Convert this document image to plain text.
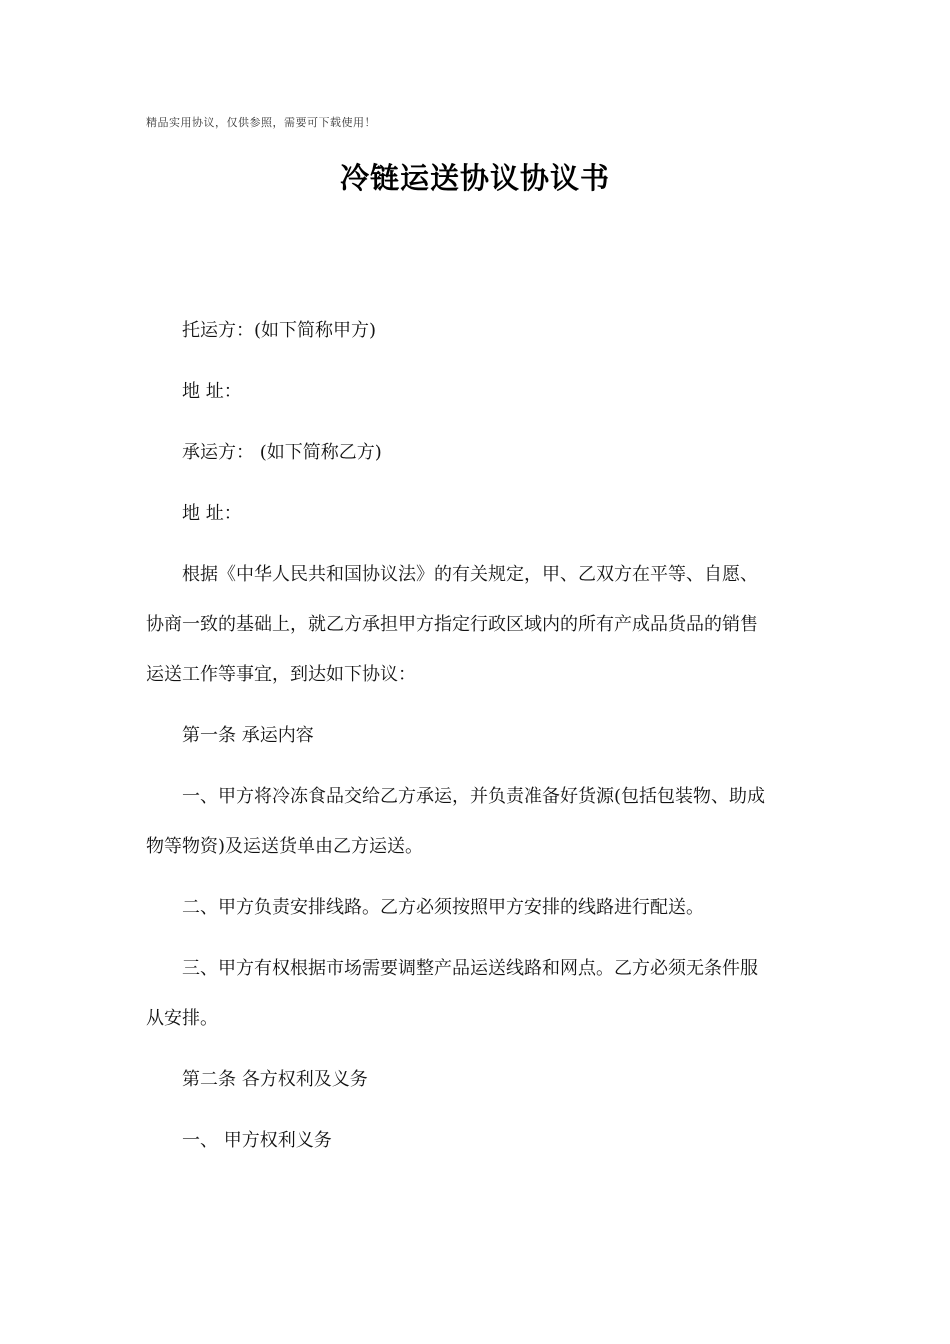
精品实用协议，仅供参照，需要可下载使用！
冷链运送协议协议书
托运方：(如下简称甲方)
地 址：
承运方： (如下简称乙方)
地 址：
根据《中华人民共和国协议法》的有关规定，甲、乙双方在平等、自愿、
协商一致的基础上，就乙方承担甲方指定行政区域内的所有产成品货品的销售
运送工作等事宜，到达如下协议：
第一条 承运内容
一、甲方将冷冻食品交给乙方承运，并负责准备好货源(包括包装物、助成
物等物资)及运送货单由乙方运送。
二、甲方负责安排线路。乙方必须按照甲方安排的线路进行配送。
三、甲方有权根据市场需要调整产品运送线路和网点。乙方必须无条件服
从安排。
第二条 各方权利及义务
一、 甲方权利义务
